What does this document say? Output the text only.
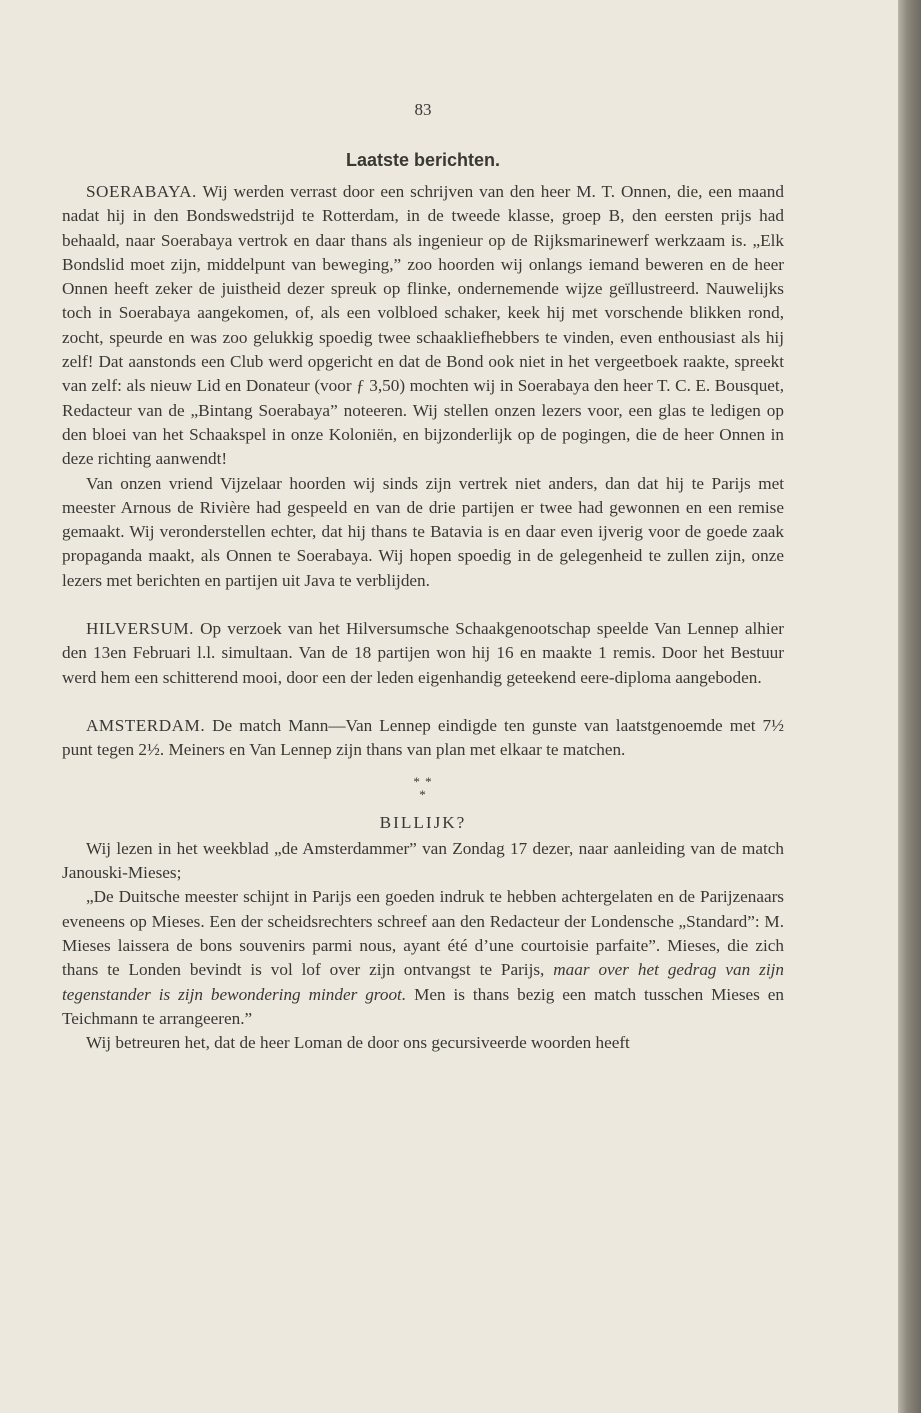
83
Laatste berichten.

SOERABAYA. Wij werden verrast door een schrijven van den heer M. T. Onnen, die, een maand nadat hij in den Bondswedstrijd te Rotterdam, in de tweede klasse, groep B, den eersten prijs had behaald, naar Soerabaya vertrok en daar thans als ingenieur op de Rijksmarinewerf werkzaam is. „Elk Bondslid moet zijn, middelpunt van beweging,” zoo hoorden wij onlangs iemand beweren en de heer Onnen heeft zeker de juistheid dezer spreuk op flinke, ondernemende wijze geïllustreerd. Nauwelijks toch in Soerabaya aangekomen, of, als een volbloed schaker, keek hij met vorschende blikken rond, zocht, speurde en was zoo gelukkig spoedig twee schaakliefhebbers te vinden, even enthousiast als hij zelf! Dat aanstonds een Club werd opgericht en dat de Bond ook niet in het vergeetboek raakte, spreekt van zelf: als nieuw Lid en Donateur (voor ƒ 3,50) mochten wij in Soerabaya den heer T. C. E. Bousquet, Redacteur van de „Bintang Soerabaya” noteeren. Wij stellen onzen lezers voor, een glas te ledigen op den bloei van het Schaakspel in onze Koloniën, en bijzonderlijk op de pogingen, die de heer Onnen in deze richting aanwendt!

Van onzen vriend Vijzelaar hoorden wij sinds zijn vertrek niet anders, dan dat hij te Parijs met meester Arnous de Rivière had gespeeld en van de drie partijen er twee had gewonnen en een remise gemaakt. Wij veronderstellen echter, dat hij thans te Batavia is en daar even ijverig voor de goede zaak propaganda maakt, als Onnen te Soerabaya. Wij hopen spoedig in de gelegenheid te zullen zijn, onze lezers met berichten en partijen uit Java te verblijden.

HILVERSUM. Op verzoek van het Hilversumsche Schaakgenootschap speelde Van Lennep alhier den 13en Februari l.l. simultaan. Van de 18 partijen won hij 16 en maakte 1 remis. Door het Bestuur werd hem een schitterend mooi, door een der leden eigenhandig geteekend eere-diploma aangeboden.

AMSTERDAM. De match Mann—Van Lennep eindigde ten gunste van laatstgenoemde met 7½ punt tegen 2½. Meiners en Van Lennep zijn thans van plan met elkaar te matchen.

* *
*
BILLIJK?

Wij lezen in het weekblad „de Amsterdammer” van Zondag 17 dezer, naar aanleiding van de match Janouski-Mieses;

„De Duitsche meester schijnt in Parijs een goeden indruk te hebben achtergelaten en de Parijzenaars eveneens op Mieses. Een der scheidsrechters schreef aan den Redacteur der Londensche „Standard”: M. Mieses laissera de bons souvenirs parmi nous, ayant été d’une courtoisie parfaite”. Mieses, die zich thans te Londen bevindt is vol lof over zijn ontvangst te Parijs, maar over het gedrag van zijn tegenstander is zijn bewondering minder groot. Men is thans bezig een match tusschen Mieses en Teichmann te arrangeeren.”

Wij betreuren het, dat de heer Loman de door ons gecursiveerde woorden heeft
